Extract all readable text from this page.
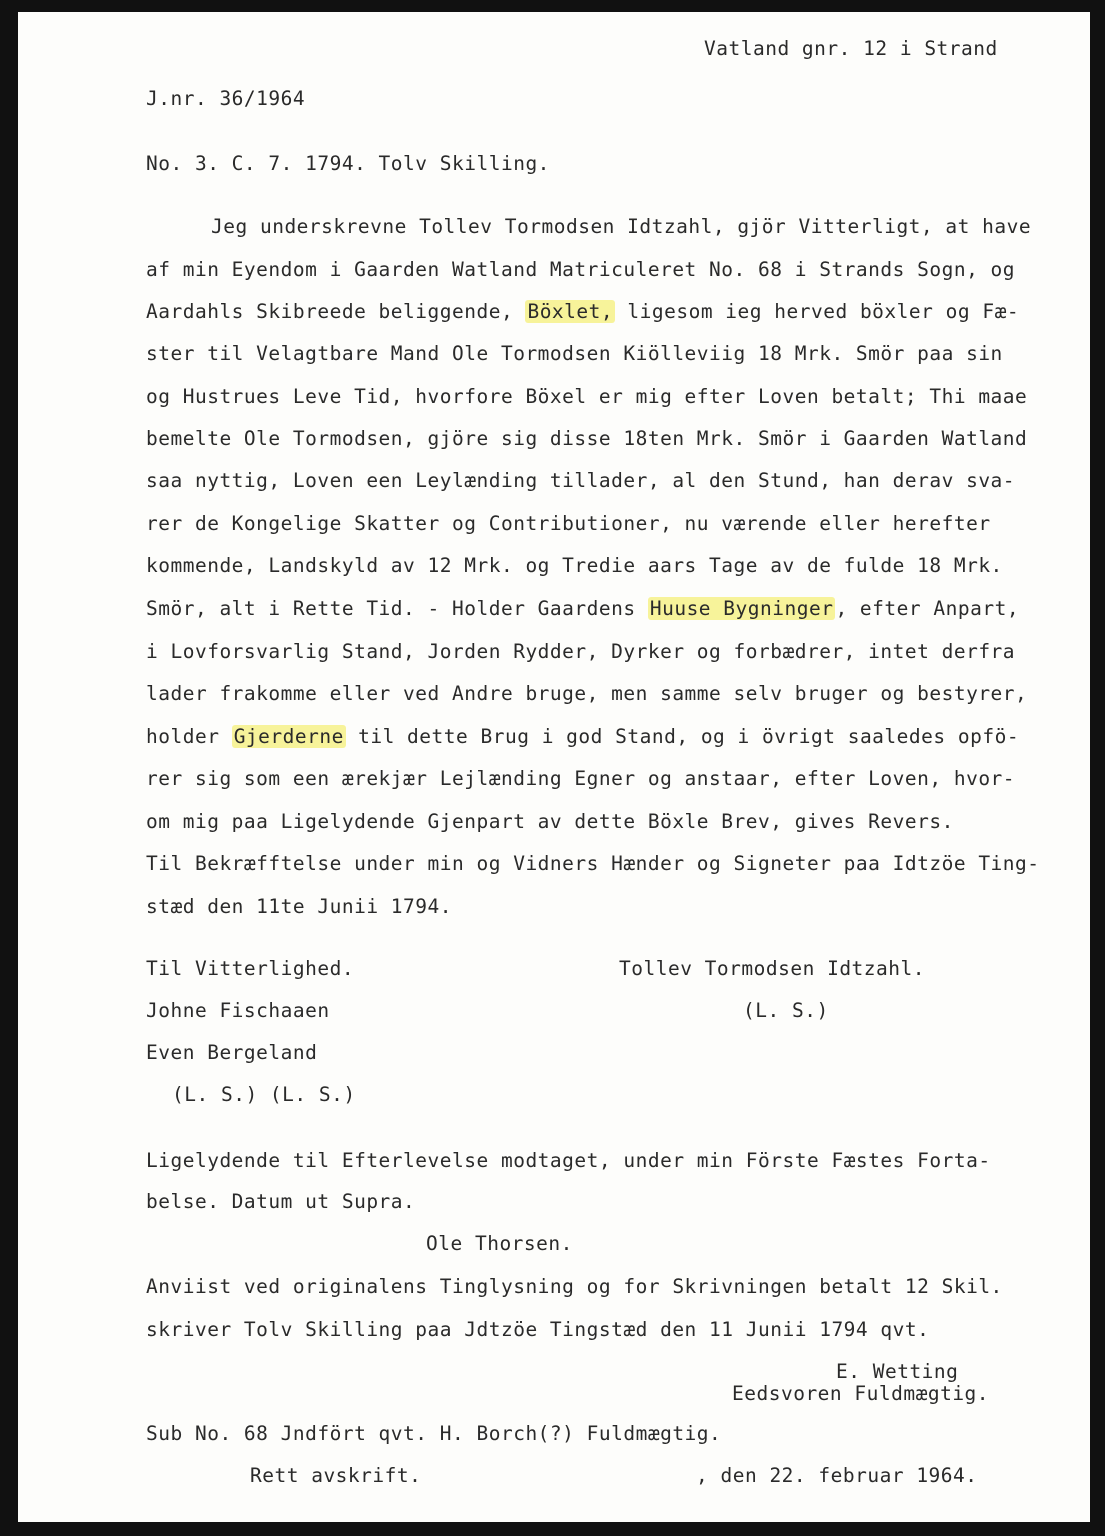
Vatland gnr. 12 i Strand
J.nr. 36/1964
No. 3. C. 7. 1794. Tolv Skilling.
Jeg underskrevne Tollev Tormodsen Idtzahl, gjör Vitterligt, at have
af min Eyendom i Gaarden Watland Matriculeret No. 68 i Strands Sogn, og
Aardahls Skibreede beliggende, Böxlet, ligesom ieg herved böxler og Fæ-
ster til Velagtbare Mand Ole Tormodsen Kiölleviig 18 Mrk. Smör paa sin
og Hustrues Leve Tid, hvorfore Böxel er mig efter Loven betalt; Thi maae
bemelte Ole Tormodsen, gjöre sig disse 18ten Mrk. Smör i Gaarden Watland
saa nyttig, Loven een Leylænding tillader, al den Stund, han derav sva-
rer de Kongelige Skatter og Contributioner, nu værende eller herefter
kommende, Landskyld av 12 Mrk. og Tredie aars Tage av de fulde 18 Mrk.
Smör, alt i Rette Tid. - Holder Gaardens Huuse Bygninger , efter Anpart,
i Lovforsvarlig Stand, Jorden Rydder, Dyrker og forbædrer, intet derfra
lader frakomme eller ved Andre bruge, men samme selv bruger og bestyrer,
holder Gjerderne til dette Brug i god Stand, og i övrigt saaledes opfö-
rer sig som een ærekjær Lejlænding Egner og anstaar, efter Loven, hvor-
om mig paa Ligelydende Gjenpart av dette Böxle Brev, gives Revers.
Til Bekræfftelse under min og Vidners Hænder og Signeter paa Idtzöe Ting-
stæd den 11te Junii 1794.
Til Vitterlighed.	Tollev Tormodsen Idtzahl.
Johne Fischaaen	(L. S.)
Even Bergeland
(L. S.) (L. S.)
Ligelydende til Efterlevelse modtaget, under min Förste Fæstes Forta-
belse. Datum ut Supra.
Ole Thorsen.
Anviist ved originalens Tinglysning og for Skrivningen betalt 12 Skil.
skriver Tolv Skilling paa Jdtzöe Tingstæd den 11 Junii 1794 qvt.
E. Wetting
Eedsvoren Fuldmægtig.
Sub No. 68 Jndfört qvt. H. Borch(?) Fuldmægtig.
Rett avskrift.	, den 22. februar 1964.
